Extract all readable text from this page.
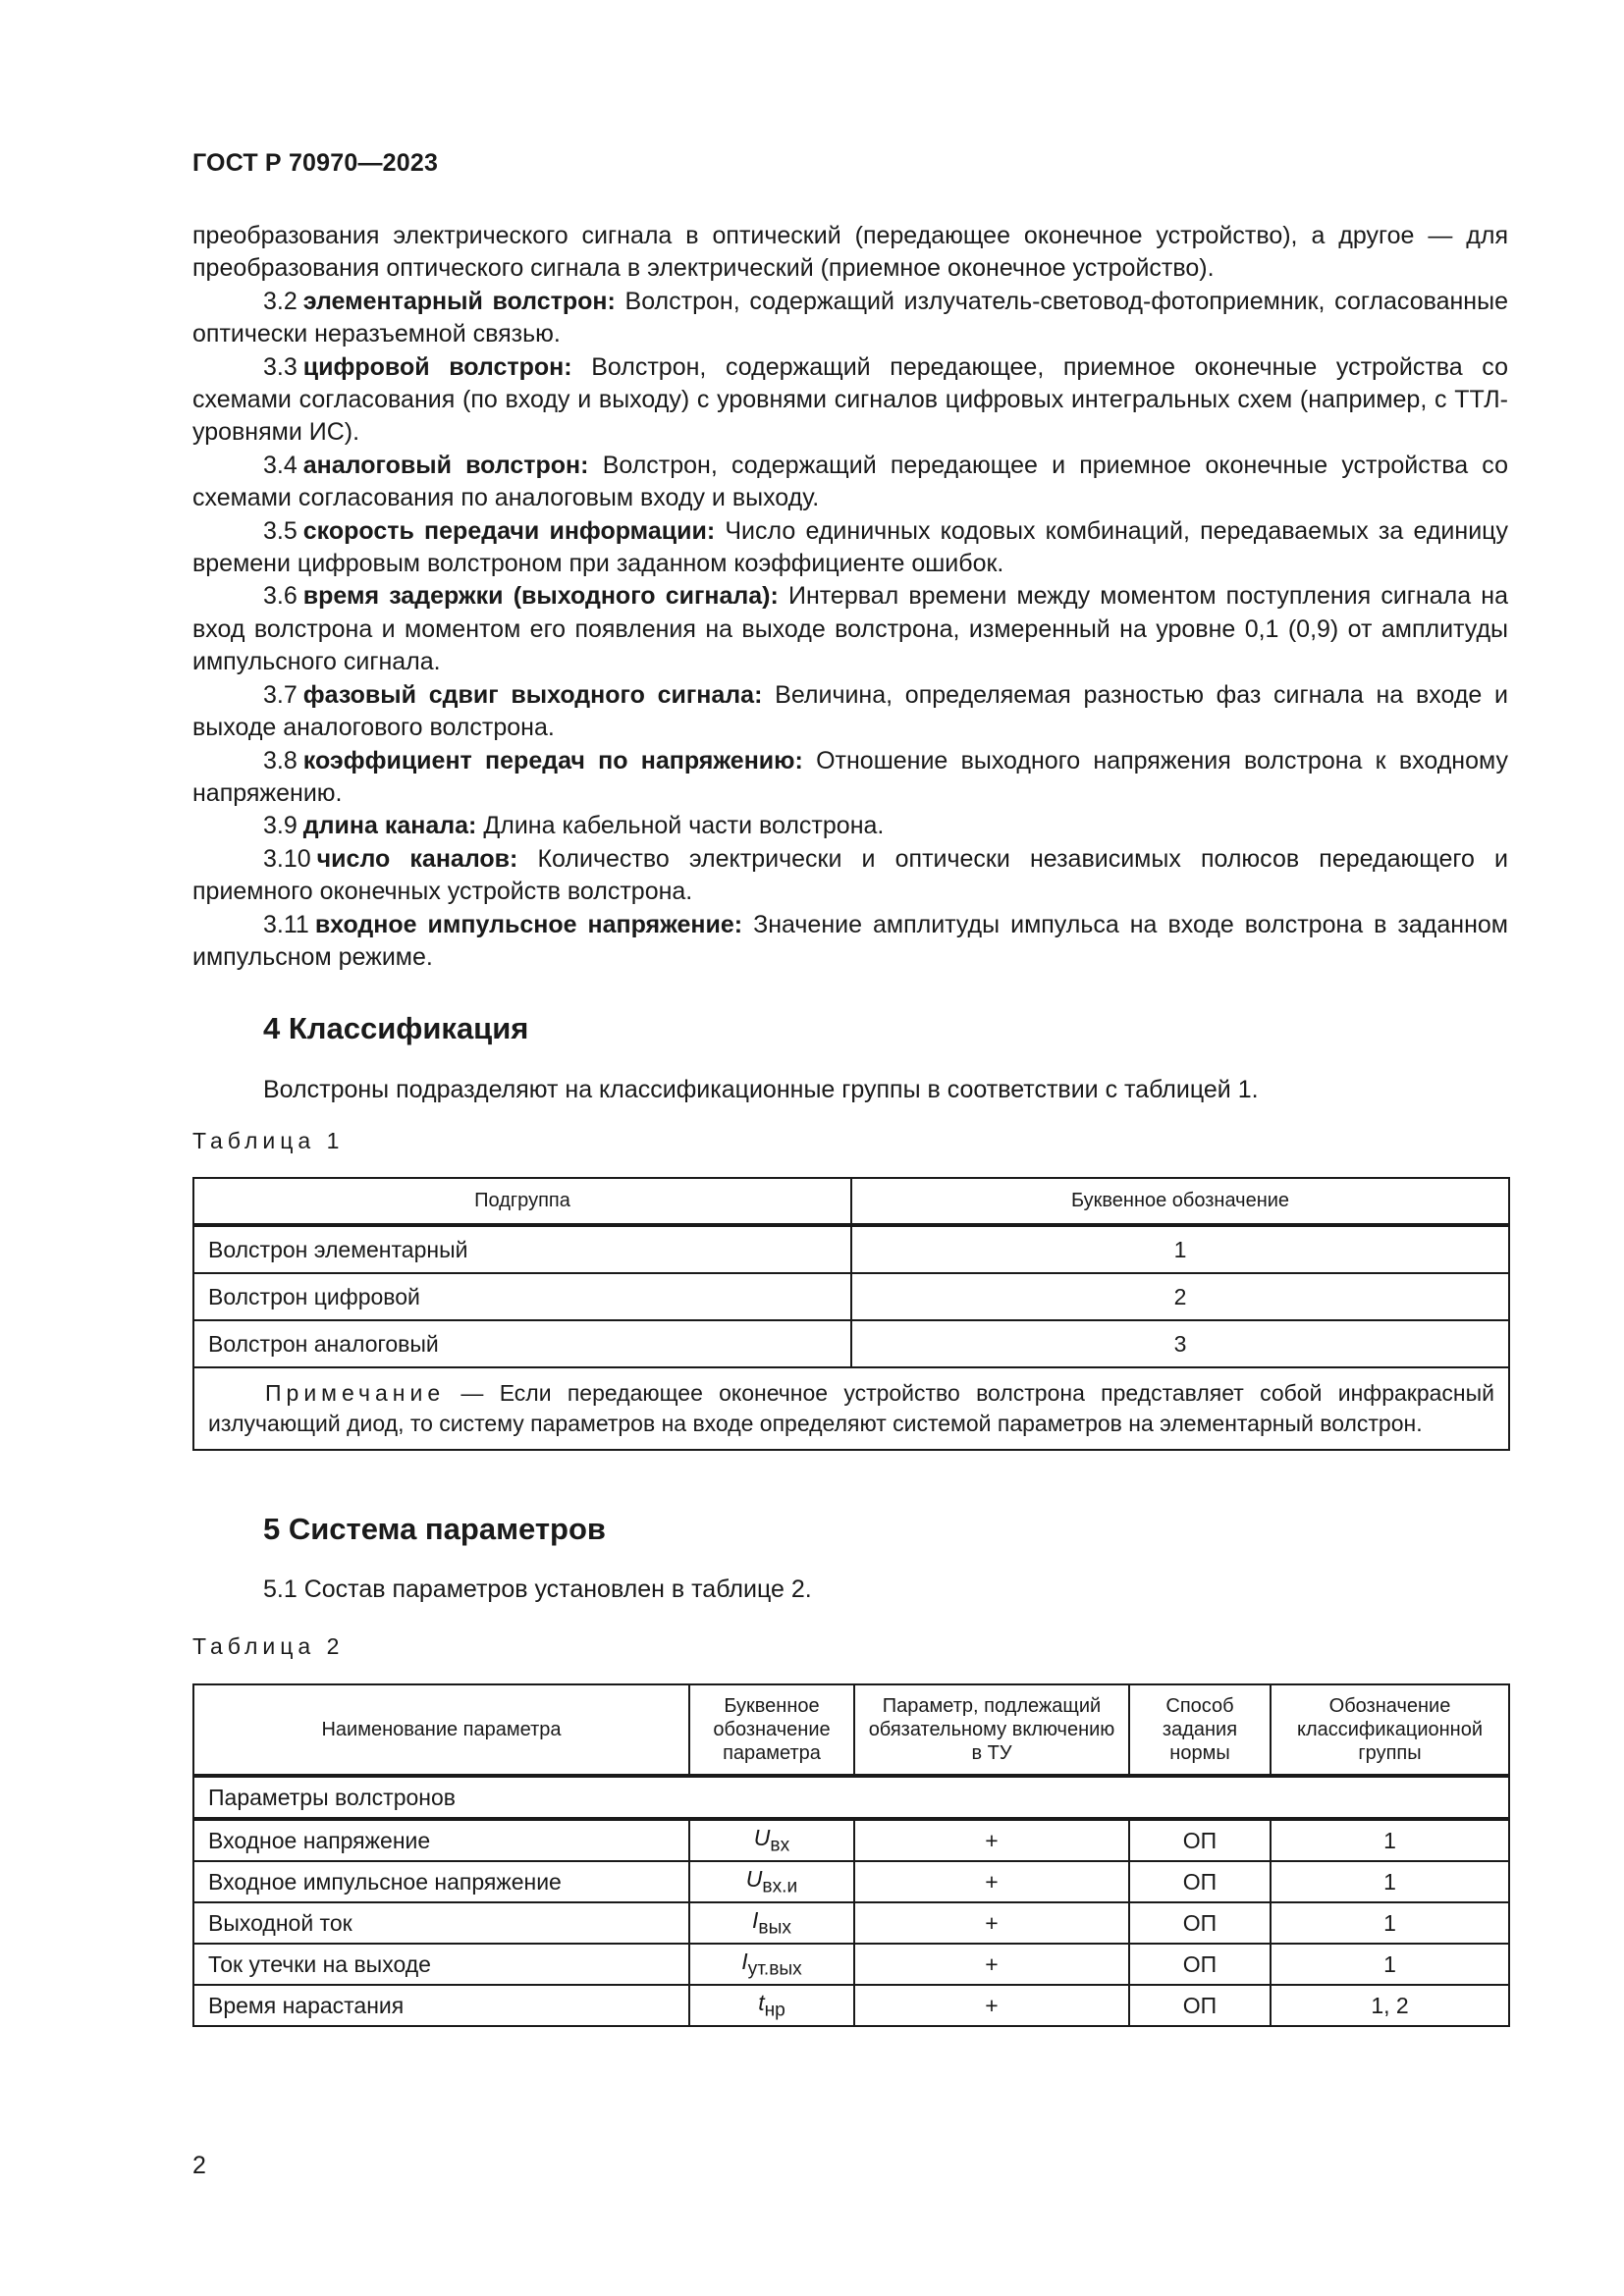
ГОСТ Р 70970—2023

преобразования электрического сигнала в оптический (передающее оконечное устройство), а другое — для преобразования оптического сигнала в электрический (приемное оконечное устройство).

3.2 элементарный волстрон: Волстрон, содержащий излучатель-световод-фотоприемник, согласованные оптически неразъемной связью.

3.3 цифровой волстрон: Волстрон, содержащий передающее, приемное оконечные устройства со схемами согласования (по входу и выходу) с уровнями сигналов цифровых интегральных схем (например, с ТТЛ-уровнями ИС).

3.4 аналоговый волстрон: Волстрон, содержащий передающее и приемное оконечные устройства со схемами согласования по аналоговым входу и выходу.

3.5 скорость передачи информации: Число единичных кодовых комбинаций, передаваемых за единицу времени цифровым волстроном при заданном коэффициенте ошибок.

3.6 время задержки (выходного сигнала): Интервал времени между моментом поступления сигнала на вход волстрона и моментом его появления на выходе волстрона, измеренный на уровне 0,1 (0,9) от амплитуды импульсного сигнала.

3.7 фазовый сдвиг выходного сигнала: Величина, определяемая разностью фаз сигнала на входе и выходе аналогового волстрона.

3.8 коэффициент передач по напряжению: Отношение выходного напряжения волстрона к входному напряжению.

3.9 длина канала: Длина кабельной части волстрона.

3.10 число каналов: Количество электрически и оптически независимых полюсов передающего и приемного оконечных устройств волстрона.

3.11 входное импульсное напряжение: Значение амплитуды импульса на входе волстрона в заданном импульсном режиме.

4 Классификация
Волстроны подразделяют на классификационные группы в соответствии с таблицей 1.
Таблица 1
Подгруппа	Буквенное обозначение
Волстрон элементарный	1
Волстрон цифровой	2
Волстрон аналоговый	3
Примечание — Если передающее оконечное устройство волстрона представляет собой инфракрасный излучающий диод, то систему параметров на входе определяют системой параметров на элементарный волстрон.	
5 Система параметров
5.1 Состав параметров установлен в таблице 2.
Таблица 2
Наименование параметра	Буквенное обозначение параметра	Параметр, подлежащий обязательному включению в ТУ	Способ задания нормы	Обозначение классификационной группы
Параметры волстронов				
Входное напряжение	$U_{вх}$	+	ОП	1
Входное импульсное напряжение	$U_{вх.и}$	+	ОП	1
Выходной ток	$I_{вых}$	+	ОП	1
Ток утечки на выходе	$I_{ут.вых}$	+	ОП	1
Время нарастания	$t_{нр}$	+	ОП	1, 2
2
